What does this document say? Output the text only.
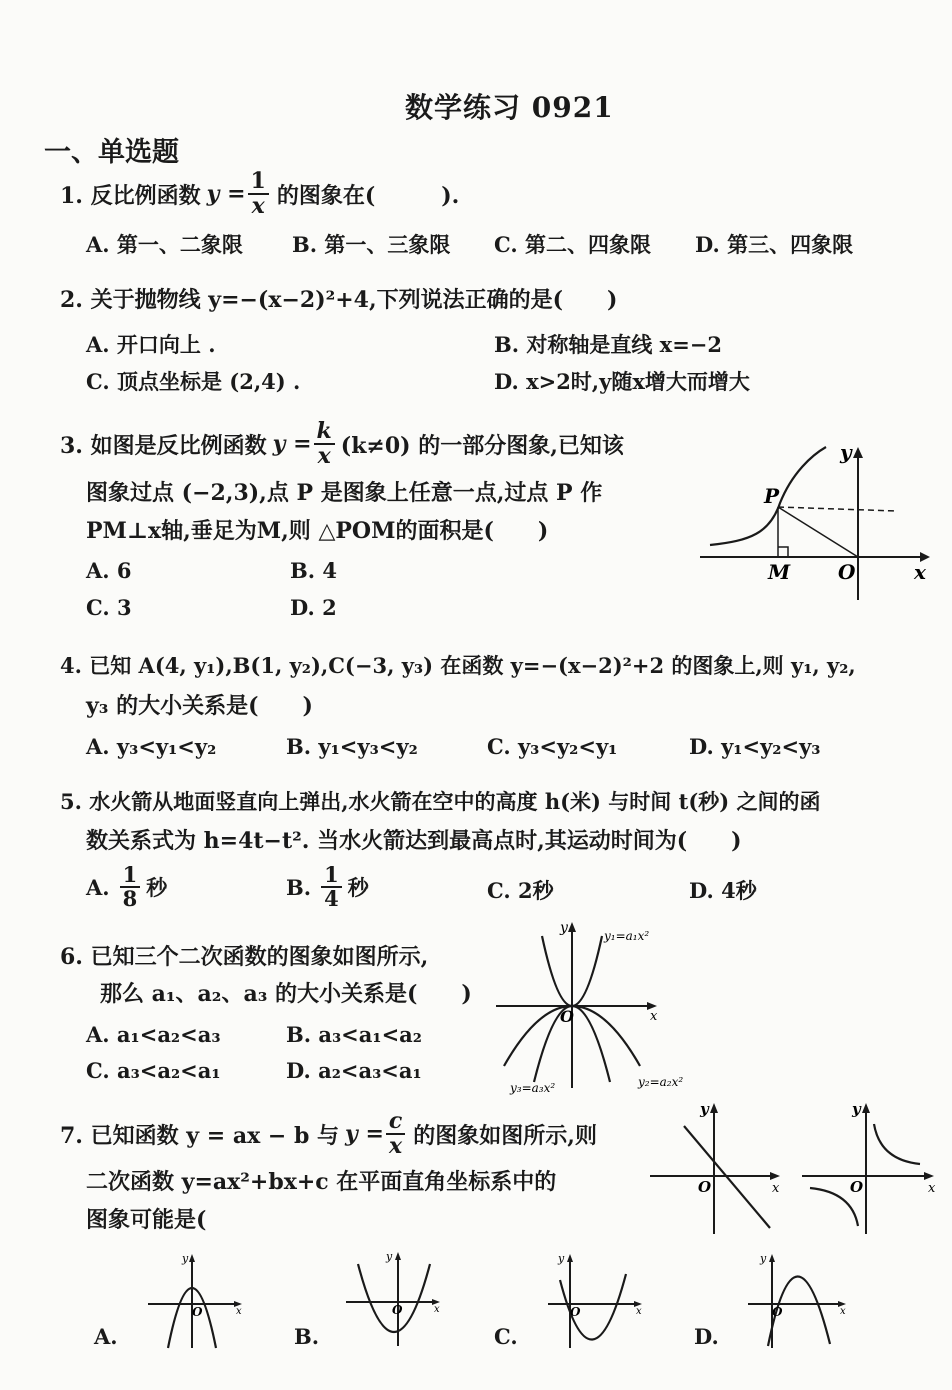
数学练习 0921
一、单选题
1. 反比例函数 $y = \frac{1}{x}$ 的图象在(　　　).
A. 第一、二象限 B. 第一、三象限 C. 第二、四象限 D. 第三、四象限
2. 关于抛物线 y=−(x−2)²+4,下列说法正确的是(　　)
A. 开口向上 .	B. 对称轴是直线 x=−2
C. 顶点坐标是 (2,4) .	D. x>2时,y随x增大而增大
3. 如图是反比例函数 $y = \frac{k}{x} (k\ne 0)$ 的一部分图象,已知该
图象过点 (−2,3),点 P 是图象上任意一点,过点 P 作
PM⊥x轴,垂足为M,则 △POM的面积是(　　)
A. 6	B. 4
C. 3	D. 2
y
P
M O	x
4. 已知 A(4, y₁),B(1, y₂),C(−3, y₃) 在函数 y=−(x−2)²+2 的图象上,则 y₁, y₂,
y₃ 的大小关系是(　　)
A. y₃<y₁<y₂	B. y₁<y₃<y₂	C. y₃<y₂<y₁	D. y₁<y₂<y₃
5. 水火箭从地面竖直向上弹出,水火箭在空中的高度 h(米) 与时间 t(秒) 之间的函
数关系式为 h=4t−t². 当水火箭达到最高点时,其运动时间为(　　)
A. $\frac{1}{8}$ 秒	B. $\frac{1}{4}$ 秒	C. 2秒	D. 4秒
6. 已知三个二次函数的图象如图所示,
那么 a₁、a₂、a₃ 的大小关系是(　　)
A. a₁<a₂<a₃	B. a₃<a₁<a₂
C. a₃<a₂<a₁	D. a₂<a₃<a₁
y
O	x
y₁=a₁x²
y₂=a₂x²
y₃=a₃x²
7. 已知函数 y = ax − b 与 $y = \frac{c}{x}$ 的图象如图所示,则
二次函数 y=ax²+bx+c 在平面直角坐标系中的
图象可能是(
y
O	x
y
O	x
A.
y
O	x
B.
y
O	x
C.
y
O	x
D.
y
O	x
